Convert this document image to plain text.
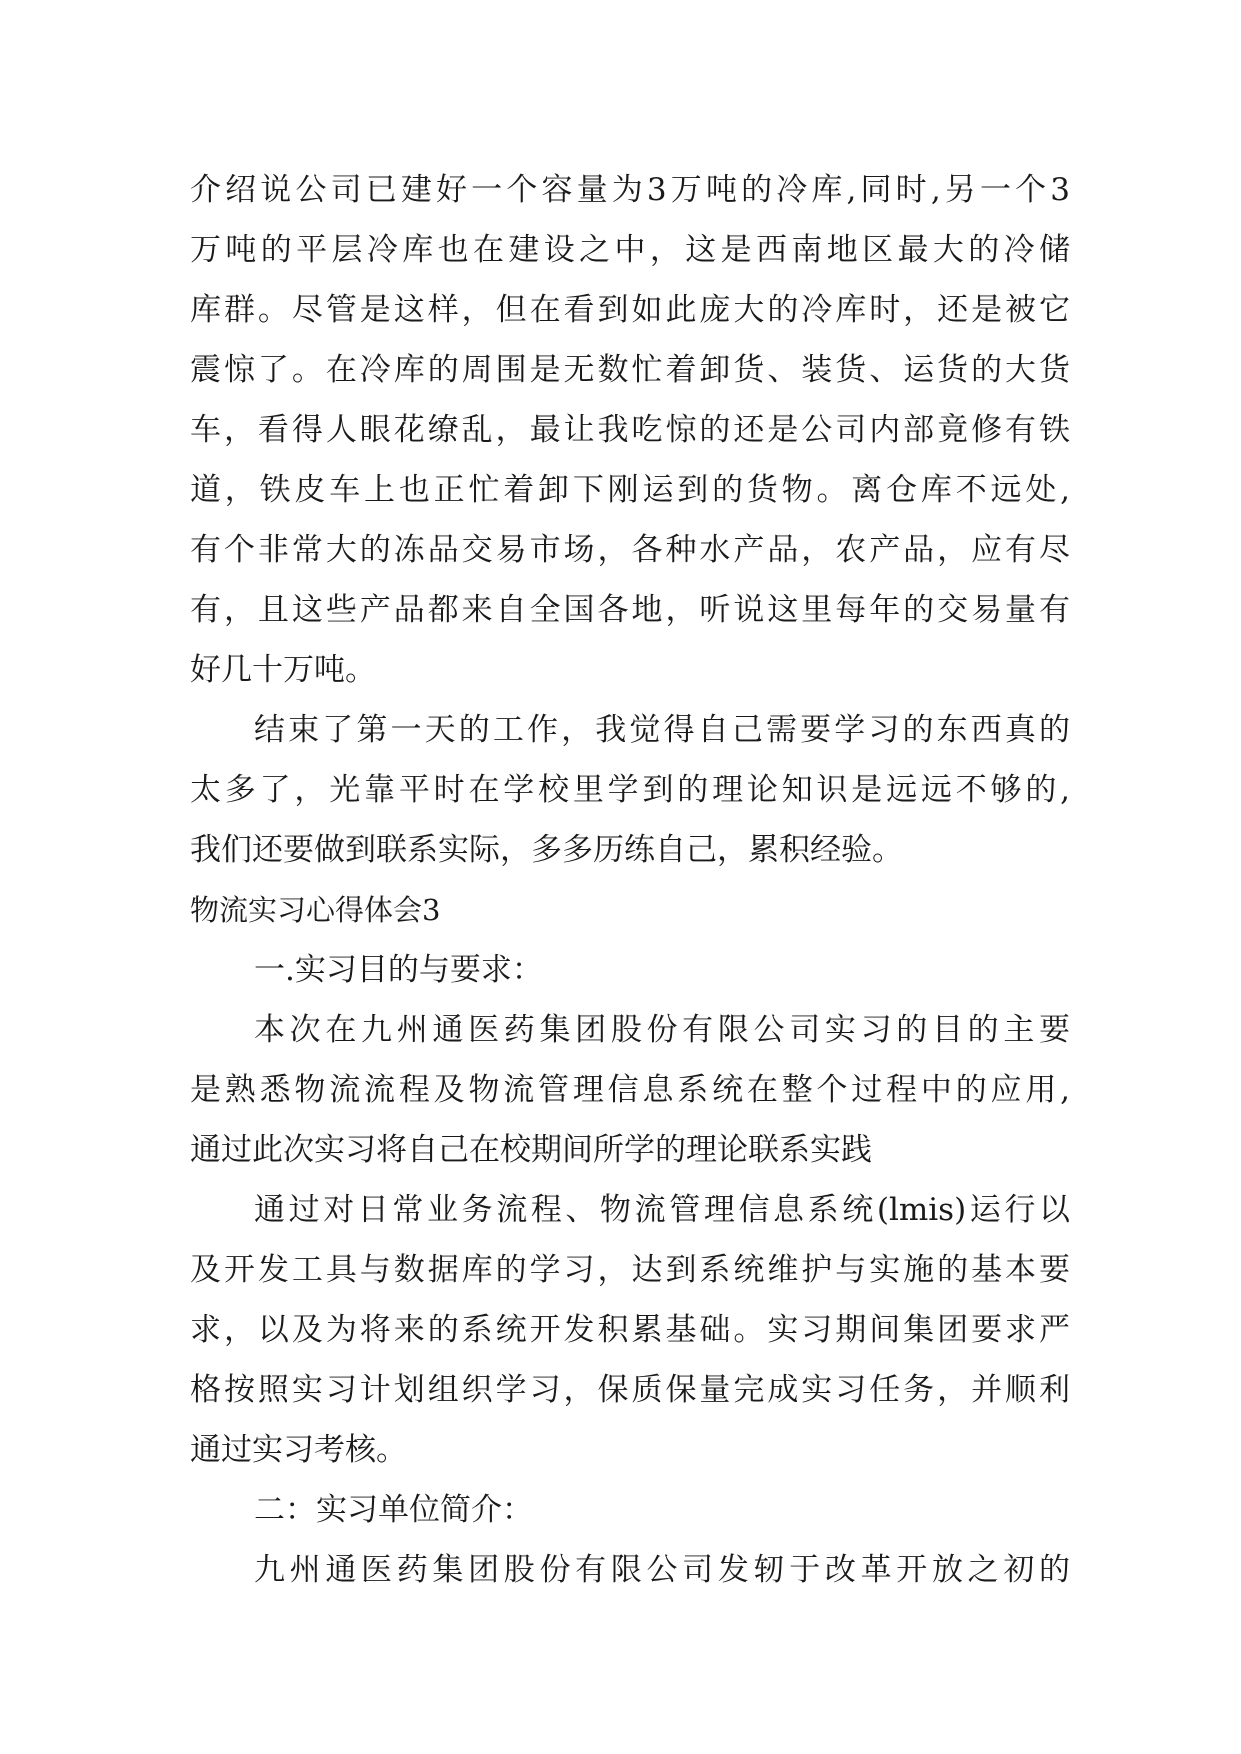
介绍说公司已建好一个容量为3万吨的冷库,同时,另一个3
万吨的平层冷库也在建设之中，这是西南地区最大的冷储
库群。尽管是这样，但在看到如此庞大的冷库时，还是被它
震惊了。在冷库的周围是无数忙着卸货、装货、运货的大货
车，看得人眼花缭乱，最让我吃惊的还是公司内部竟修有铁
道，铁皮车上也正忙着卸下刚运到的货物。离仓库不远处,
有个非常大的冻品交易市场，各种水产品，农产品，应有尽
有，且这些产品都来自全国各地，听说这里每年的交易量有
好几十万吨。
结束了第一天的工作，我觉得自己需要学习的东西真的
太多了，光靠平时在学校里学到的理论知识是远远不够的,
我们还要做到联系实际，多多历练自己，累积经验。
物流实习心得体会3
一.实习目的与要求：
本次在九州通医药集团股份有限公司实习的目的主要
是熟悉物流流程及物流管理信息系统在整个过程中的应用,
通过此次实习将自己在校期间所学的理论联系实践
通过对日常业务流程、物流管理信息系统(lmis)运行以
及开发工具与数据库的学习，达到系统维护与实施的基本要
求，以及为将来的系统开发积累基础。实习期间集团要求严
格按照实习计划组织学习，保质保量完成实习任务，并顺利
通过实习考核。
二：实习单位简介：
九州通医药集团股份有限公司发轫于改革开放之初的
